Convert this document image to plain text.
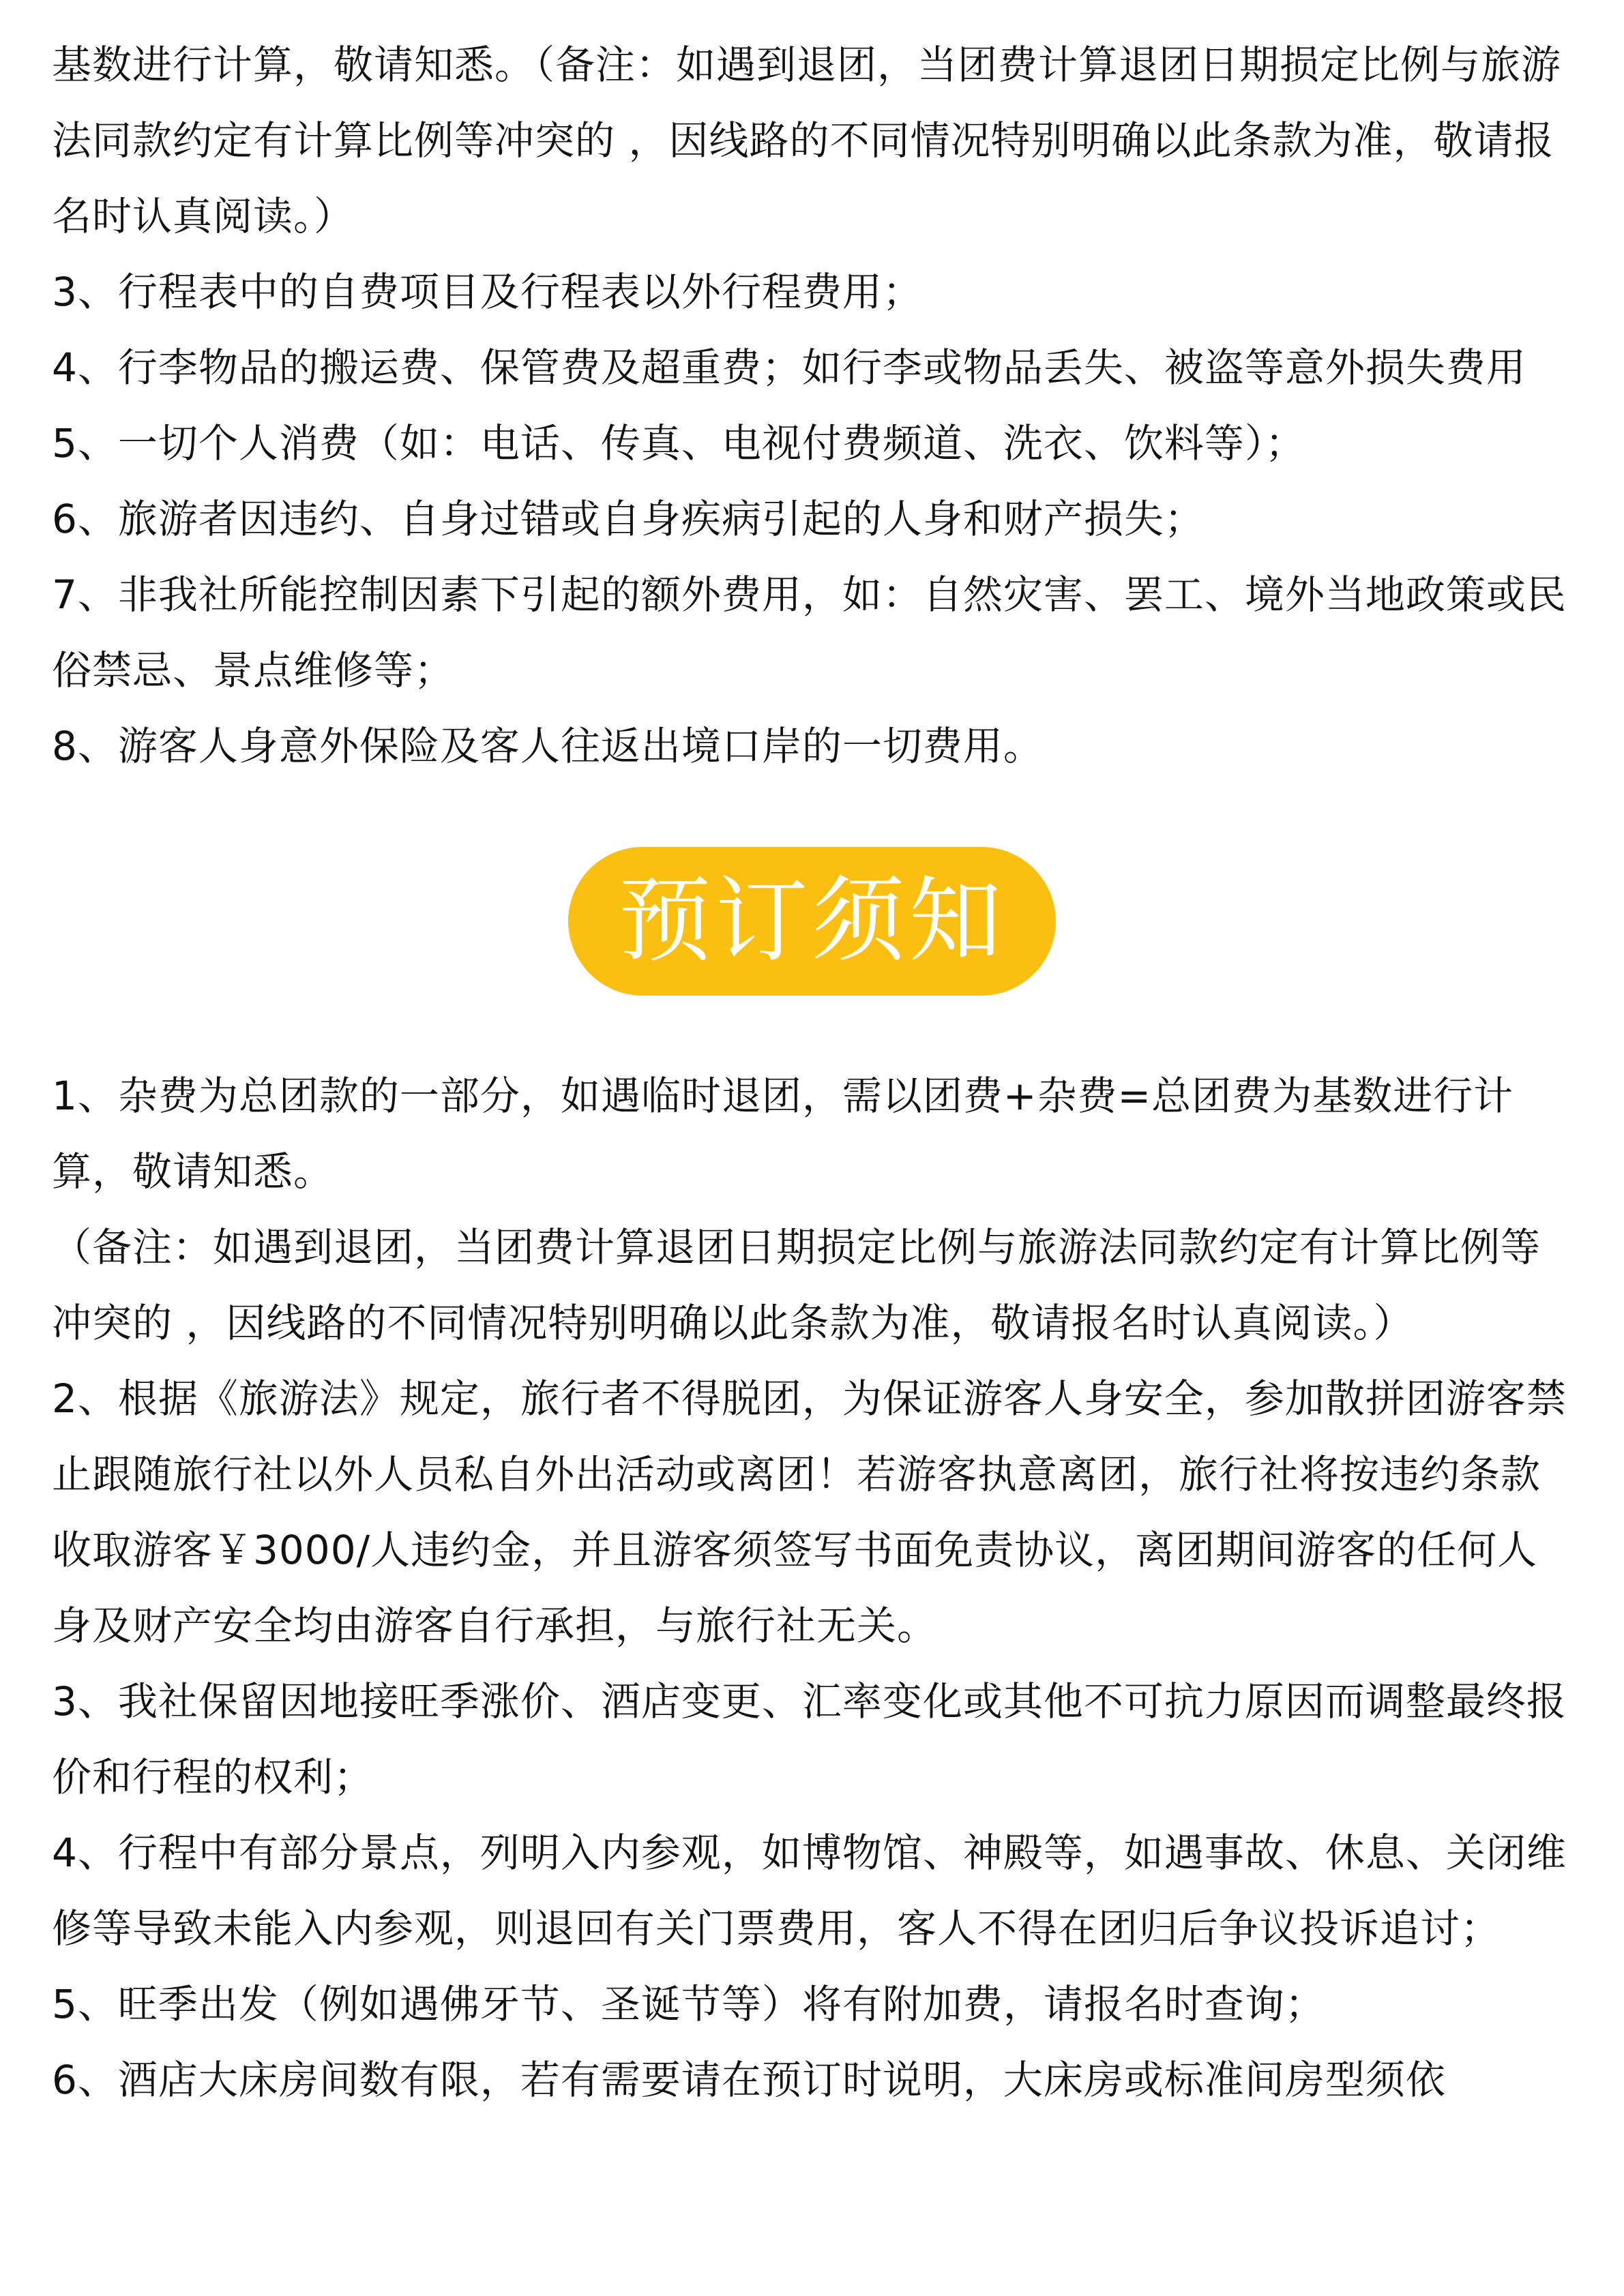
基数进行计算，敬请知悉。（备注：如遇到退团，当团费计算退团日期损定比例与旅游法同款约定有计算比例等冲突的 ，因线路的不同情况特别明确以此条款为准，敬请报名时认真阅读。）

3、行程表中的自费项目及行程表以外行程费用；

4、行李物品的搬运费、保管费及超重费；如行李或物品丢失、被盗等意外损失费用

5、一切个人消费（如：电话、传真、电视付费频道、洗衣、饮料等）；

6、旅游者因违约、自身过错或自身疾病引起的人身和财产损失；

7、非我社所能控制因素下引起的额外费用，如：自然灾害、罢工、境外当地政策或民俗禁忌、景点维修等；

8、游客人身意外保险及客人往返出境口岸的一切费用。

预订须知

1、杂费为总团款的一部分，如遇临时退团，需以团费+杂费=总团费为基数进行计算，敬请知悉。

（备注：如遇到退团，当团费计算退团日期损定比例与旅游法同款约定有计算比例等冲突的 ，因线路的不同情况特别明确以此条款为准，敬请报名时认真阅读。）

2、根据《旅游法》规定，旅行者不得脱团，为保证游客人身安全，参加散拼团游客禁止跟随旅行社以外人员私自外出活动或离团！若游客执意离团，旅行社将按违约条款收取游客￥3000/人违约金，并且游客须签写书面免责协议，离团期间游客的任何人身及财产安全均由游客自行承担，与旅行社无关。

3、我社保留因地接旺季涨价、酒店变更、汇率变化或其他不可抗力原因而调整最终报价和行程的权利；

4、行程中有部分景点，列明入内参观，如博物馆、神殿等，如遇事故、休息、关闭维修等导致未能入内参观，则退回有关门票费用，客人不得在团归后争议投诉追讨；

5、旺季出发（例如遇佛牙节、圣诞节等）将有附加费，请报名时查询；

6、酒店大床房间数有限，若有需要请在预订时说明，大床房或标准间房型须依
